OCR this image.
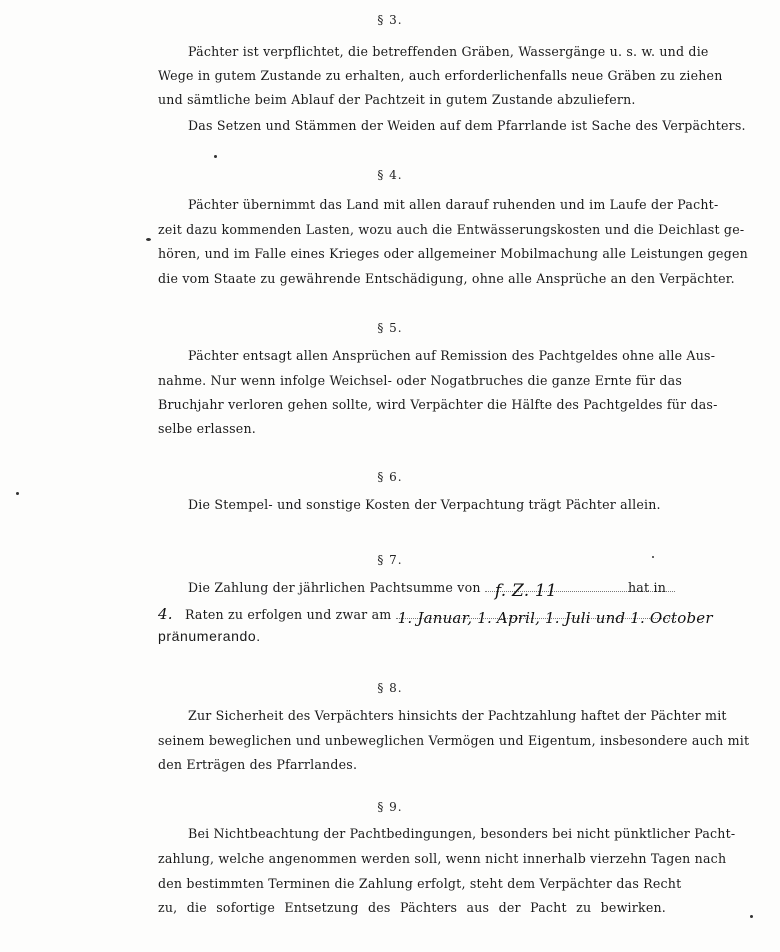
§ 3.
Pächter ist verpflichtet, die betreffenden Gräben, Wassergänge u. s. w. und die
Wege in gutem Zustande zu erhalten, auch erforderlichenfalls neue Gräben zu ziehen
und sämtliche beim Ablauf der Pachtzeit in gutem Zustande abzuliefern.
Das Setzen und Stämmen der Weiden auf dem Pfarrlande ist Sache des Verpächters.
§ 4.
Pächter übernimmt das Land mit allen darauf ruhenden und im Laufe der Pacht-
zeit dazu kommenden Lasten, wozu auch die Entwässerungskosten und die Deichlast ge-
hören, und im Falle eines Krieges oder allgemeiner Mobilmachung alle Leistungen gegen
die vom Staate zu gewährende Entschädigung, ohne alle Ansprüche an den Verpächter.
§ 5.
Pächter entsagt allen Ansprüchen auf Remission des Pachtgeldes ohne alle Aus-
nahme. Nur wenn infolge Weichsel- oder Nogatbruches die ganze Ernte für das
Bruchjahr verloren gehen sollte, wird Verpächter die Hälfte des Pachtgeldes für das-
selbe erlassen.
§ 6.
Die Stempel- und sonstige Kosten der Verpachtung trägt Pächter allein.
§ 7.
Die Zahlung der jährlichen Pachtsumme von f. Z. 11	hat in
4. Raten zu erfolgen und zwar am 1. Januar, 1. April, 1. Juli und 1. October
pränumerando.
§ 8.
Zur Sicherheit des Verpächters hinsichts der Pachtzahlung haftet der Pächter mit
seinem beweglichen und unbeweglichen Vermögen und Eigentum, insbesondere auch mit
den Erträgen des Pfarrlandes.
§ 9.
Bei Nichtbeachtung der Pachtbedingungen, besonders bei nicht pünktlicher Pacht-
zahlung, welche angenommen werden soll, wenn nicht innerhalb vierzehn Tagen nach
den bestimmten Terminen die Zahlung erfolgt, steht dem Verpächter das Recht
zu, die sofortige Entsetzung des Pächters aus der Pacht zu bewirken.
